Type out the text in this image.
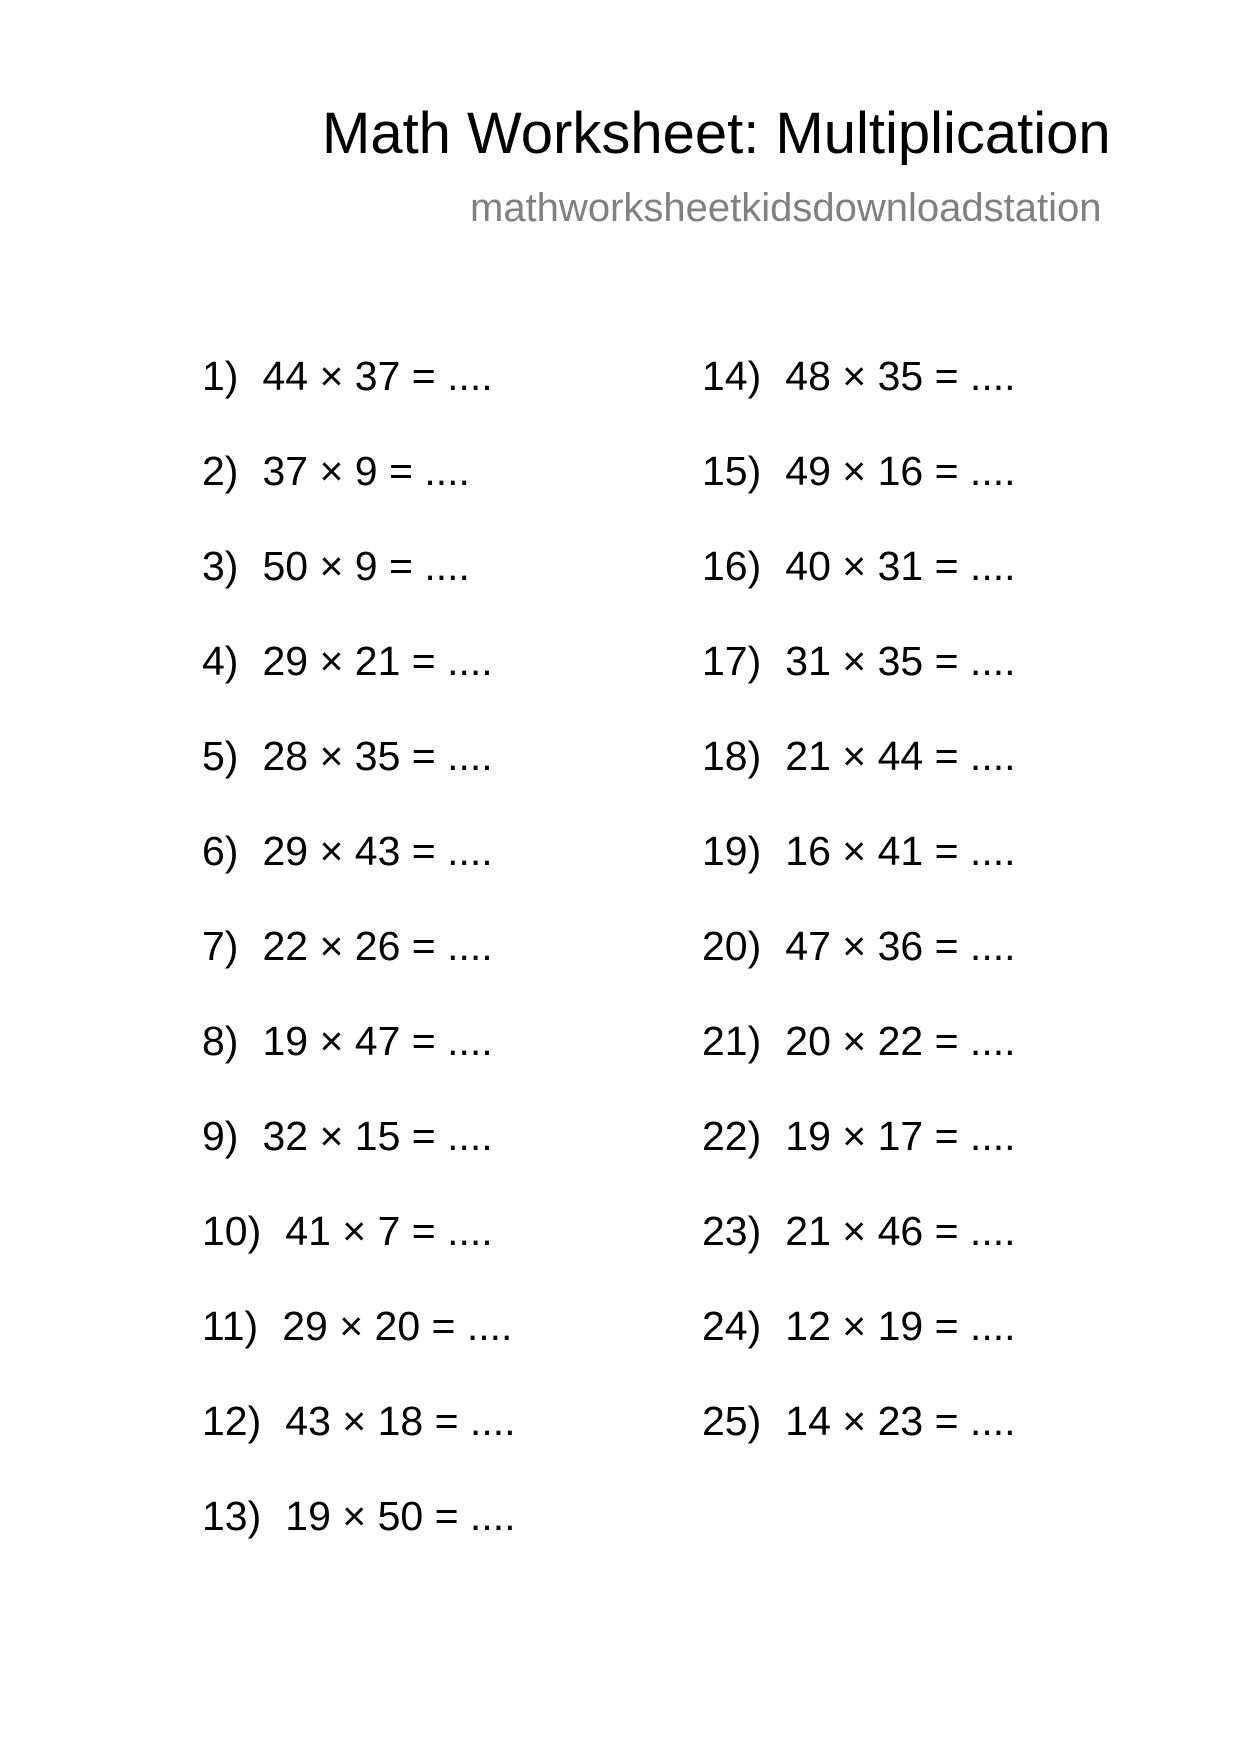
Math Worksheet: Multiplication
mathworksheetkidsdownloadstation
1) 44 × 37 = ....
2) 37 × 9 = ....
3) 50 × 9 = ....
4) 29 × 21 = ....
5) 28 × 35 = ....
6) 29 × 43 = ....
7) 22 × 26 = ....
8) 19 × 47 = ....
9) 32 × 15 = ....
10) 41 × 7 = ....
11) 29 × 20 = ....
12) 43 × 18 = ....
13) 19 × 50 = ....
14) 48 × 35 = ....
15) 49 × 16 = ....
16) 40 × 31 = ....
17) 31 × 35 = ....
18) 21 × 44 = ....
19) 16 × 41 = ....
20) 47 × 36 = ....
21) 20 × 22 = ....
22) 19 × 17 = ....
23) 21 × 46 = ....
24) 12 × 19 = ....
25) 14 × 23 = ....
